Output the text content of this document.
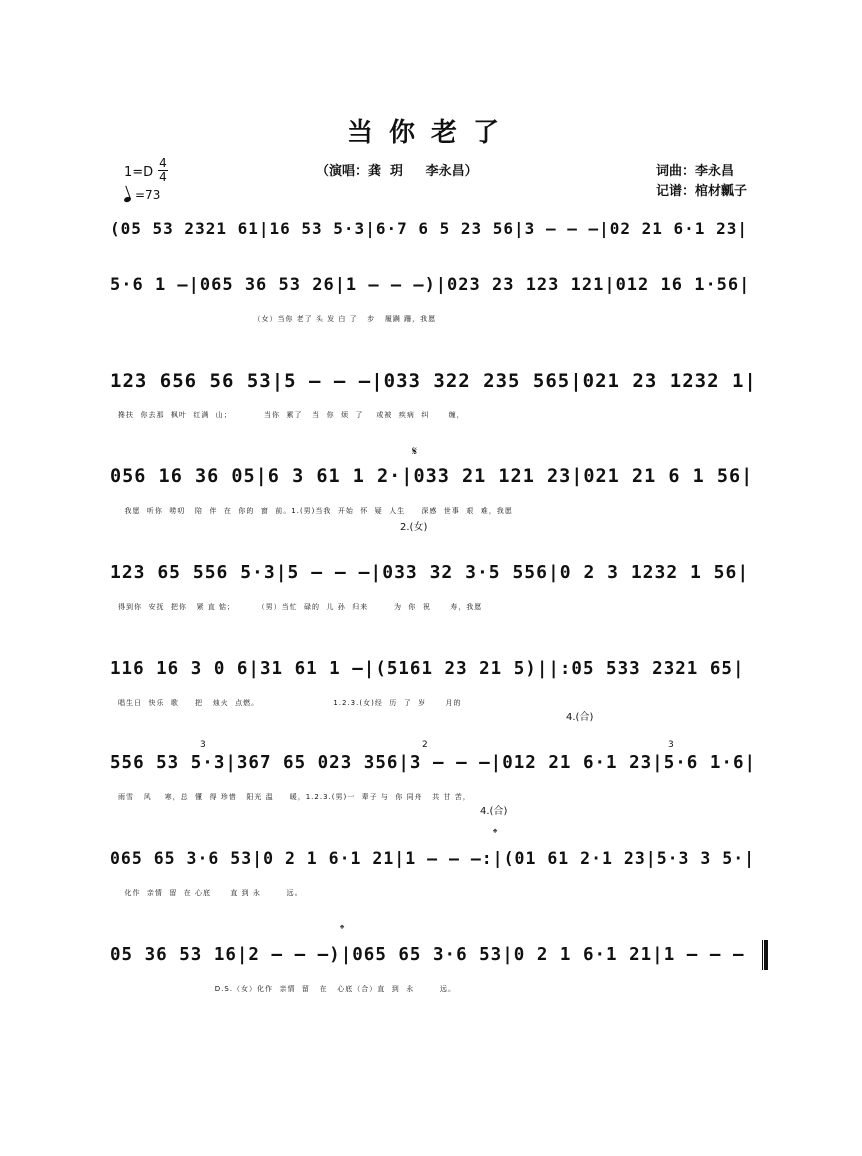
当你老了
（演唱：龚  玥     李永昌）	词曲：李永昌
记谱：棺材瓤子
$1=D \frac{4}{4}$
=73
(05 53 2321 61|16 53 5·3|6·7 6 5 23 56|3 — — —|02 21 6·1 23|
5·6 1 —|065 36 53 26|1 — — —)|023 23 123 121|012 16 1·56|
（女）当你 老了 头 发 白 了   步   履蹒 跚，我愿
123 656 56 53|5 — — —|033 322 235 565|021 23 1232 1|
搀扶  你去那  枫叶  红满  山；          当你  累了   当  你  烦  了    或被  疾病  纠      缠，
𝄋
056 16 36 05|6 3 61 1 2·|033 21 121 23|021 21 6 1 56|
我愿  听你  唠叨   陪  伴  在  你的  窗  前。1.(男)当我  开始  怀  疑  人生     深感  世事  艰  难，我愿
2.(女)
123 65 556 5·3|5 — — —|033 32 3·5 556|0 2 3 1232 1 56|
得到你  安抚  把你   紧 直 惦；       （男）当忙  碌的  儿 孙  归来        为  你  祝      寿，我愿
116 16 3 0 6|31 61 1 —|(5161 23 21 5)||:05 533 2321 65|
唱生日  快乐  歌     把   烛火  点燃。                       1.2.3.(女)经  历  了  岁      月的
4.(合)
3	2	3
556 53 5·3|367 65 023 356|3 — — —|012 21 6·1 23|5·6 1·6|
雨雪   风    寒，总  懂  得 珍惜   阳光 温     暖，1.2.3.(男)一  辈子 与  你 同舟   共 甘 苦，
4.(合)
𝄌
065 65 3·6 53|0 2 1 6·1 21|1 — — —:|(01 61 2·1 23|5·3 3 5·|
化作  亲情  留  在 心底      直 到 永        远。
𝄌
05 36 53 16|2 — — —)|065 65 3·6 53|0 2 1 6·1 21|1 — — —
D.S.（女）化作  亲情  留   在   心底（合）直  到  永        远。
